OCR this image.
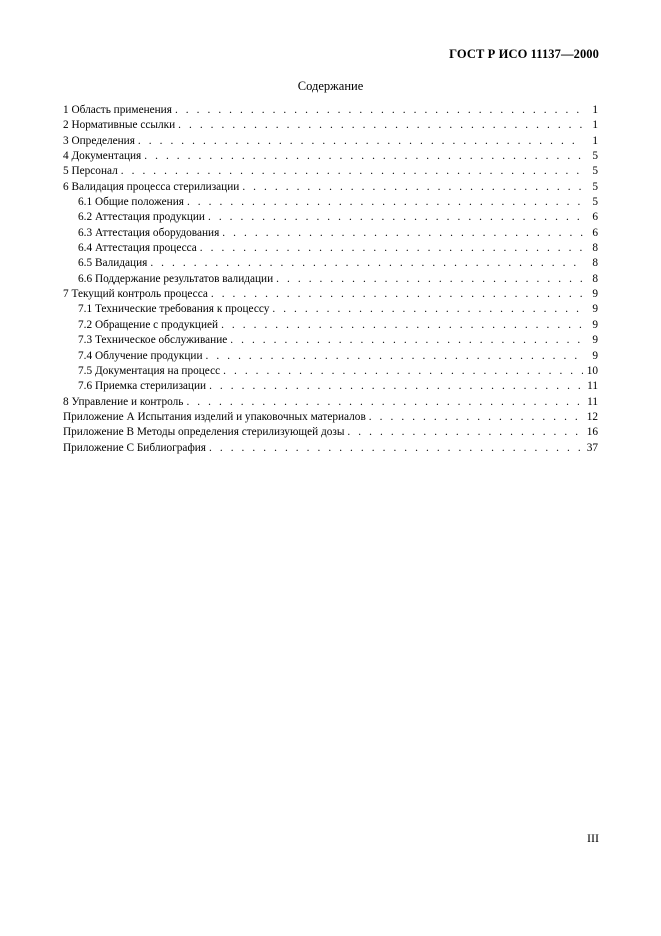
ГОСТ Р ИСО 11137—2000
Содержание
1 Область применения . . .	1
2 Нормативные ссылки . . .	1
3 Определения . . .	1
4 Документация . . .	5
5 Персонал . . .	5
6 Валидация процесса стерилизации . . .	5
6.1 Общие положения . . .	5
6.2 Аттестация продукции . . .	6
6.3 Аттестация оборудования . . .	6
6.4 Аттестация процесса . . .	8
6.5 Валидация . . .	8
6.6 Поддержание результатов валидации . . .	8
7 Текущий контроль процесса . . .	9
7.1 Технические требования к процессу . . .	9
7.2 Обращение с продукцией . . .	9
7.3 Техническое обслуживание . . .	9
7.4 Облучение продукции . . .	9
7.5 Документация на процесс . . .	10
7.6 Приемка стерилизации . . .	11
8 Управление и контроль . . .	11
Приложение А Испытания изделий и упаковочных материалов . . .	12
Приложение В Методы определения стерилизующей дозы . . .	16
Приложение С Библиография . . .	37
III
